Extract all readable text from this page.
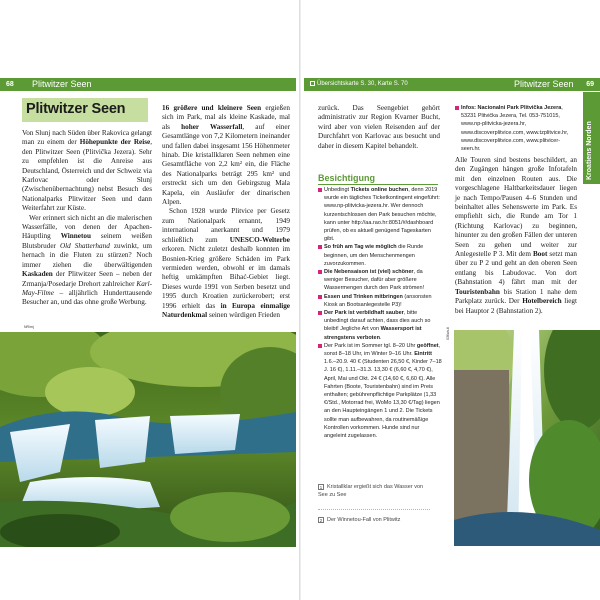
68 Plitwitzer Seen	Übersichtskarte S. 30, Karte S. 70	Plitwitzer Seen 69
Kroatiens Norden
Plitwitzer Seen

Von Slunj nach Süden über Rakovica gelangt man zu einem der Höhepunkte der Reise, den Plitwitzer Seen (Plitvička Jezera). Sehr zu empfehlen ist die Anreise aus Deutschland, Österreich und der Schweiz via Karlovac oder Slunj (Zwischenübernachtung) nebst Besuch des Nationalparks Plitwitzer Seen und dann Weiterfahrt zur Küste.

Wer erinnert sich nicht an die malerischen Wasserfälle, von denen der Apachen-Häuptling Winnetou seinem weißen Blutsbruder Old Shatterhand zuwinkt, um hernach in die Fluten zu stürzen? Noch immer ziehen die überwältigenden Kaskaden der Plitwitzer Seen – neben der Zrmanja/Posedarje Drehort zahlreicher Karl-May-Filme – alljährlich Hunderttausende Besucher an, und das ohne große Werbung.

16 größere und kleinere Seen ergießen sich im Park, mal als kleine Kaskade, mal als hoher Wasserfall, auf einer Gesamtlänge von 7,2 Kilometern ineinander und fallen dabei insgesamt 156 Höhenmeter hinab. Die kristallklaren Seen nehmen eine Gesamtfläche von 2,2 km² ein, die Fläche des Nationalparks beträgt 295 km² und erstreckt sich um den Gebirgszug Mala Kapela, ein Ausläufer der dinarischen Alpen.

Schon 1928 wurde Plitvice per Gesetz zum Nationalpark ernannt, 1949 international anerkannt und 1979 schließlich zum UNESCO-Welterbe erkoren. Nicht zuletzt deshalb konnten im Bosnien-Krieg größere Schäden im Park vermieden werden, obwohl er im damals heftig umkämpften Bihać-Gebiet liegt. Dieses wurde 1991 von Serben besetzt und 1995 durch Kroatien zurückerobert; erst 1996 erhielt das in Europa einmalige Naturdenkmal seinen würdigen Frieden

zurück. Das Seengebiet gehört administrativ zur Region Kvarner Bucht, wird aber von vielen Reisenden auf der Durchfahrt von Karlovac aus besucht und daher in diesem Kapitel behandelt.

Besichtigung

Unbedingt Tickets online buchen, denn 2019 wurde ein tägliches Ticketkontingent eingeführt: www.np-plitvicka-jezera.hr. Wer dennoch kurzentschlossen den Park besuchen möchte, kann unter http://aa.rao.hr:8051/#/dashboard prüfen, ob es aktuell genügend Tageskarten gibt.

So früh am Tag wie möglich die Runde beginnen, um den Menschenmengen zuvorzukommen.

Die Nebensaison ist (viel) schöner, da weniger Besucher, dafür aber größere Wassermengen durch den Park strömen!

Essen und Trinken mitbringen (ansonsten Kiosk an Bootsanlegestelle P3)!

Der Park ist verbildhaft sauber, bitte unbedingt darauf achten, dass dies auch so bleibt! Jegliche Art von Wassersport ist strengstens verboten.

Der Park ist im Sommer tgl. 8–20 Uhr geöffnet, sonst 8–18 Uhr, im Winter 9–16 Uhr. Eintritt 1.6.–20.9. 40 € (Studenten 26,50 €, Kinder 7–18 J. 16 €), 1.11.–31.3. 13,30 € (6,60 €, 4,70 €), April, Mai und Okt. 24 € (14,60 €, 6,60 €). Alle Fahrten (Boote, Touristenbahn) sind im Preis enthalten; gebührenpflichtige Parkplätze (1,33 €/Std., Motorrad frei, WoMo 13,30 €/Tag) liegen an den Haupteingängen 1 und 2. Die Tickets sollte man aufbewahren, da routinemäßige Kontrollen vorkommen. Hunde sind nur angeleint zugelassen.

Infos: Nacionalni Park Plitvička Jezera, 53231 Plitvička Jezera, Tel. 053-751015, www.np-plitvicka-jezera.hr, www.discoverplitvice.com, www.tzplitvice.hr, www.discoverplitvice.com, www.plitvicer-seen.hr.

Alle Touren sind bestens beschildert, an den Zugängen hängen große Infotafeln mit den einzelnen Routen aus. Die vorgeschlagene Haltbarkeitsdauer liegen je nach Tempo/Pausen 4–6 Stunden und beinhaltet alles Sehenswerte im Park. Es empfiehlt sich, die Runde am Tor 1 (Richtung Karlovac) zu beginnen, hinunter zu den großen Fällen der unteren Seen zu gehen und weiter zur Anlegestelle P 3. Mit dem Boot setzt man über zu P 2 und geht an den oberen Seen entlang bis Labudovac. Von dort (Bahnstation 4) fährt man mit der Touristenbahn bis Station 1 nahe dem Parkplatz zurück. Der Hotelbereich liegt bei Hauptor 2 (Bahnstation 2).

1 Kristallklar ergießt sich das Wasser von See zu See
2 Der Winnetou-Fall von Plitwitz
NR/mj
036ah-tl
